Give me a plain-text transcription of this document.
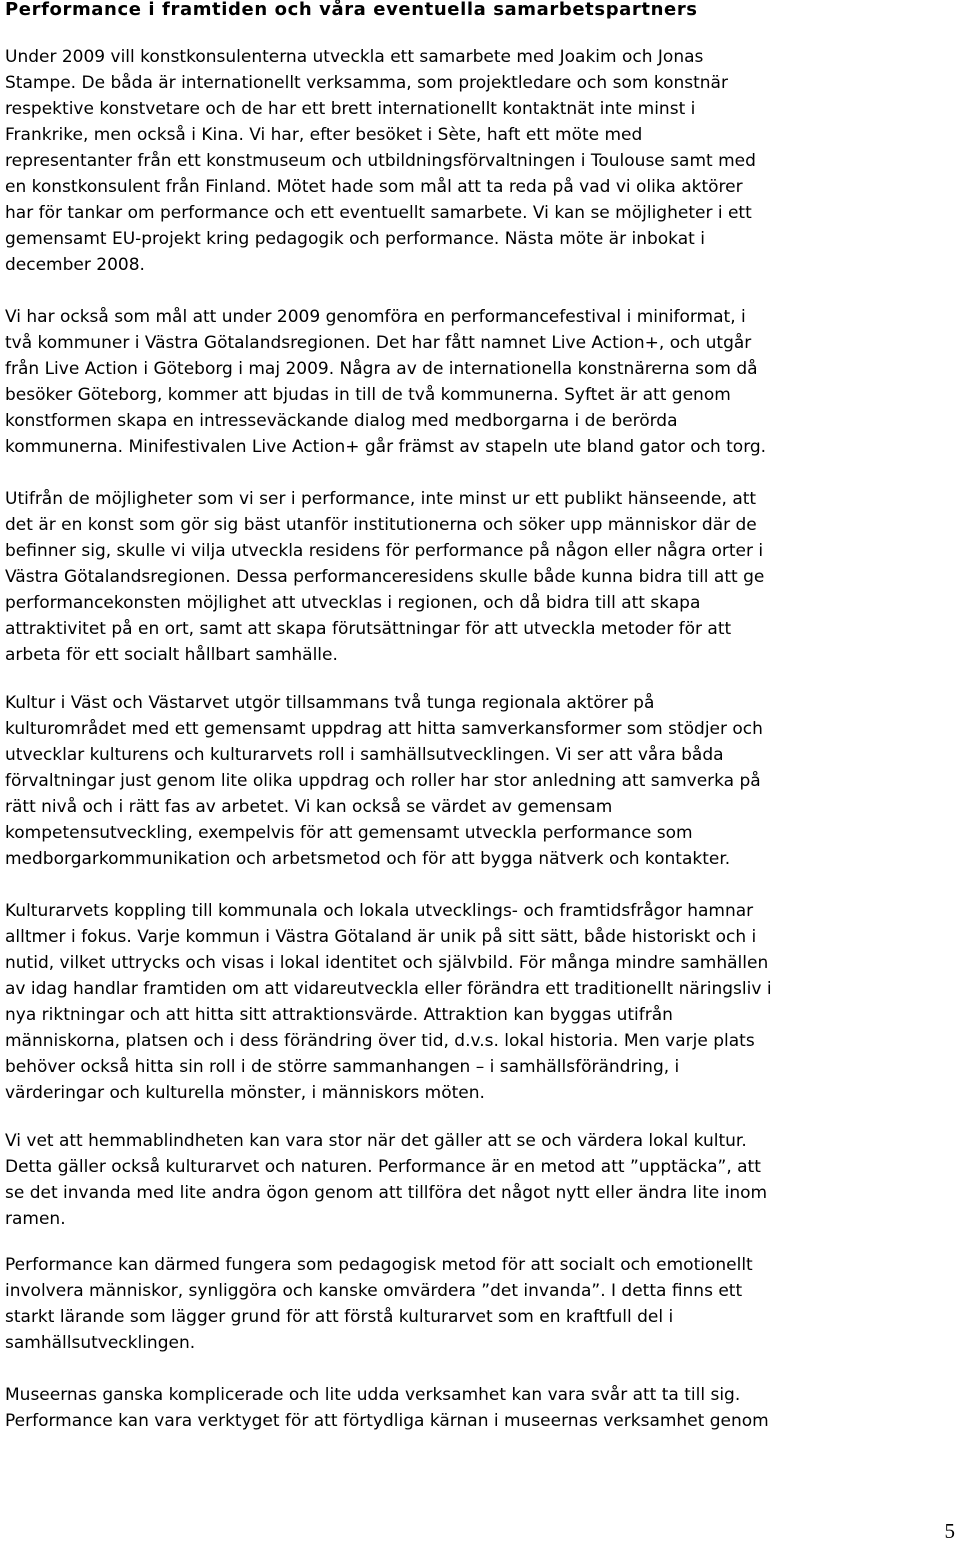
Performance i framtiden och våra eventuella samarbetspartners
Under 2009 vill konstkonsulenterna utveckla ett samarbete med Joakim och Jonas
Stampe. De båda är internationellt verksamma, som projektledare och som konstnär
respektive konstvetare och de har ett brett internationellt kontaktnät inte minst i
Frankrike, men också i Kina. Vi har, efter besöket i Sète, haft ett möte med
representanter från ett konstmuseum och utbildningsförvaltningen i Toulouse samt med
en konstkonsulent från Finland. Mötet hade som mål att ta reda på vad vi olika aktörer
har för tankar om performance och ett eventuellt samarbete. Vi kan se möjligheter i ett
gemensamt EU-projekt kring pedagogik och performance. Nästa möte är inbokat i
december 2008.
Vi har också som mål att under 2009 genomföra en performancefestival i miniformat, i
två kommuner i Västra Götalandsregionen. Det har fått namnet Live Action+, och utgår
från Live Action i Göteborg i maj 2009. Några av de internationella konstnärerna som då
besöker Göteborg, kommer att bjudas in till de två kommunerna. Syftet är att genom
konstformen skapa en intresseväckande dialog med medborgarna i de berörda
kommunerna. Minifestivalen Live Action+ går främst av stapeln ute bland gator och torg.
Utifrån de möjligheter som vi ser i performance, inte minst ur ett publikt hänseende, att
det är en konst som gör sig bäst utanför institutionerna och söker upp människor där de
befinner sig, skulle vi vilja utveckla residens för performance på någon eller några orter i
Västra Götalandsregionen. Dessa performanceresidens skulle både kunna bidra till att ge
performancekonsten möjlighet att utvecklas i regionen, och då bidra till att skapa
attraktivitet på en ort, samt att skapa förutsättningar för att utveckla metoder för att
arbeta för ett socialt hållbart samhälle.
Kultur i Väst och Västarvet utgör tillsammans två tunga regionala aktörer på
kulturområdet med ett gemensamt uppdrag att hitta samverkansformer som stödjer och
utvecklar kulturens och kulturarvets roll i samhällsutvecklingen. Vi ser att våra båda
förvaltningar just genom lite olika uppdrag och roller har stor anledning att samverka på
rätt nivå och i rätt fas av arbetet. Vi kan också se värdet av gemensam
kompetensutveckling, exempelvis för att gemensamt utveckla performance som
medborgarkommunikation och arbetsmetod och för att bygga nätverk och kontakter.
Kulturarvets koppling till kommunala och lokala utvecklings- och framtidsfrågor hamnar
alltmer i fokus. Varje kommun i Västra Götaland är unik på sitt sätt, både historiskt och i
nutid, vilket uttrycks och visas i lokal identitet och självbild. För många mindre samhällen
av idag handlar framtiden om att vidareutveckla eller förändra ett traditionellt näringsliv i
nya riktningar och att hitta sitt attraktionsvärde. Attraktion kan byggas utifrån
människorna, platsen och i dess förändring över tid, d.v.s. lokal historia. Men varje plats
behöver också hitta sin roll i de större sammanhangen – i samhällsförändring, i
värderingar och kulturella mönster, i människors möten.
Vi vet att hemmablindheten kan vara stor när det gäller att se och värdera lokal kultur.
Detta gäller också kulturarvet och naturen. Performance är en metod att ”upptäcka”, att
se det invanda med lite andra ögon genom att tillföra det något nytt eller ändra lite inom
ramen.
Performance kan därmed fungera som pedagogisk metod för att socialt och emotionellt
involvera människor, synliggöra och kanske omvärdera ”det invanda”. I detta finns ett
starkt lärande som lägger grund för att förstå kulturarvet som en kraftfull del i
samhällsutvecklingen.
Museernas ganska komplicerade och lite udda verksamhet kan vara svår att ta till sig.
Performance kan vara verktyget för att förtydliga kärnan i museernas verksamhet genom
5
